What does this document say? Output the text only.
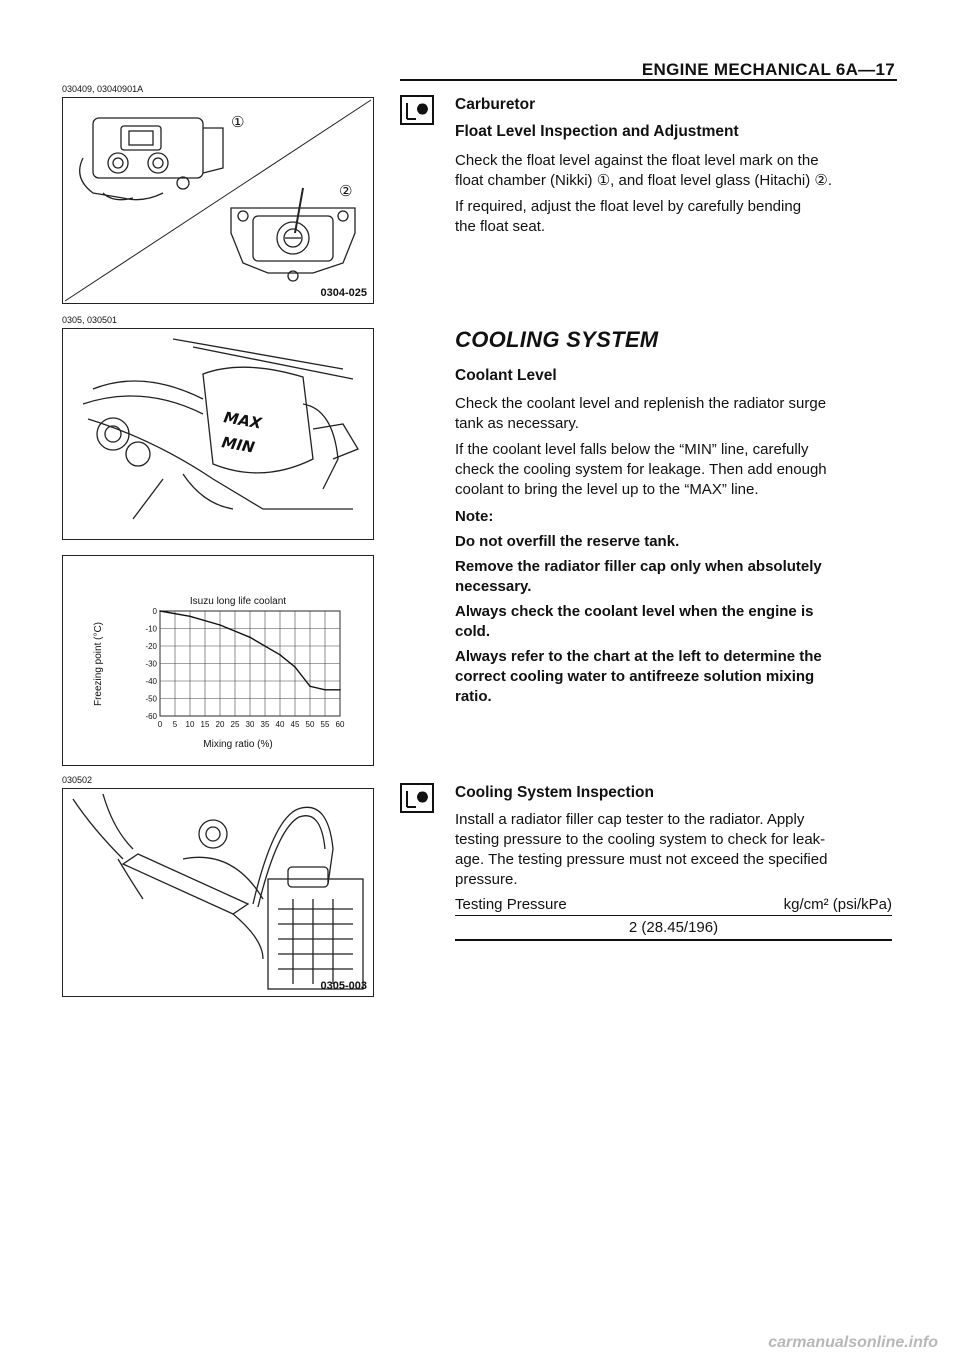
ENGINE MECHANICAL 6A—17
030409, 03040901A
①
②
0304-025
0305, 030501
MAX
MIN
Isuzu long life coolant
Mixing ratio (%)
Freezing point (°C)
0 5 10 15 20 25 30 35 40 45 50 55 60
0
-10
-20
-30
-40
-50
-60
030502
0305-003
Carburetor
Float Level Inspection and Adjustment
Check the float level against the float level mark on the
float chamber (Nikki) ①, and float level glass (Hitachi) ②.
If required, adjust the float level by carefully bending
the float seat.
COOLING SYSTEM
Coolant Level
Check the coolant level and replenish the radiator surge
tank as necessary.
If the coolant level falls below the “MIN” line, carefully
check the cooling system for leakage. Then add enough
coolant to bring the level up to the “MAX” line.
Note:
Do not overfill the reserve tank.
Remove the radiator filler cap only when absolutely
necessary.
Always check the coolant level when the engine is
cold.
Always refer to the chart at the left to determine the
correct cooling water to antifreeze solution mixing
ratio.
Cooling System Inspection
Install a radiator filler cap tester to the radiator. Apply
testing pressure to the cooling system to check for leak-
age. The testing pressure must not exceed the specified
pressure.
Testing Pressure	kg/cm² (psi/kPa)
2 (28.45/196)
carmanualsonline.info
